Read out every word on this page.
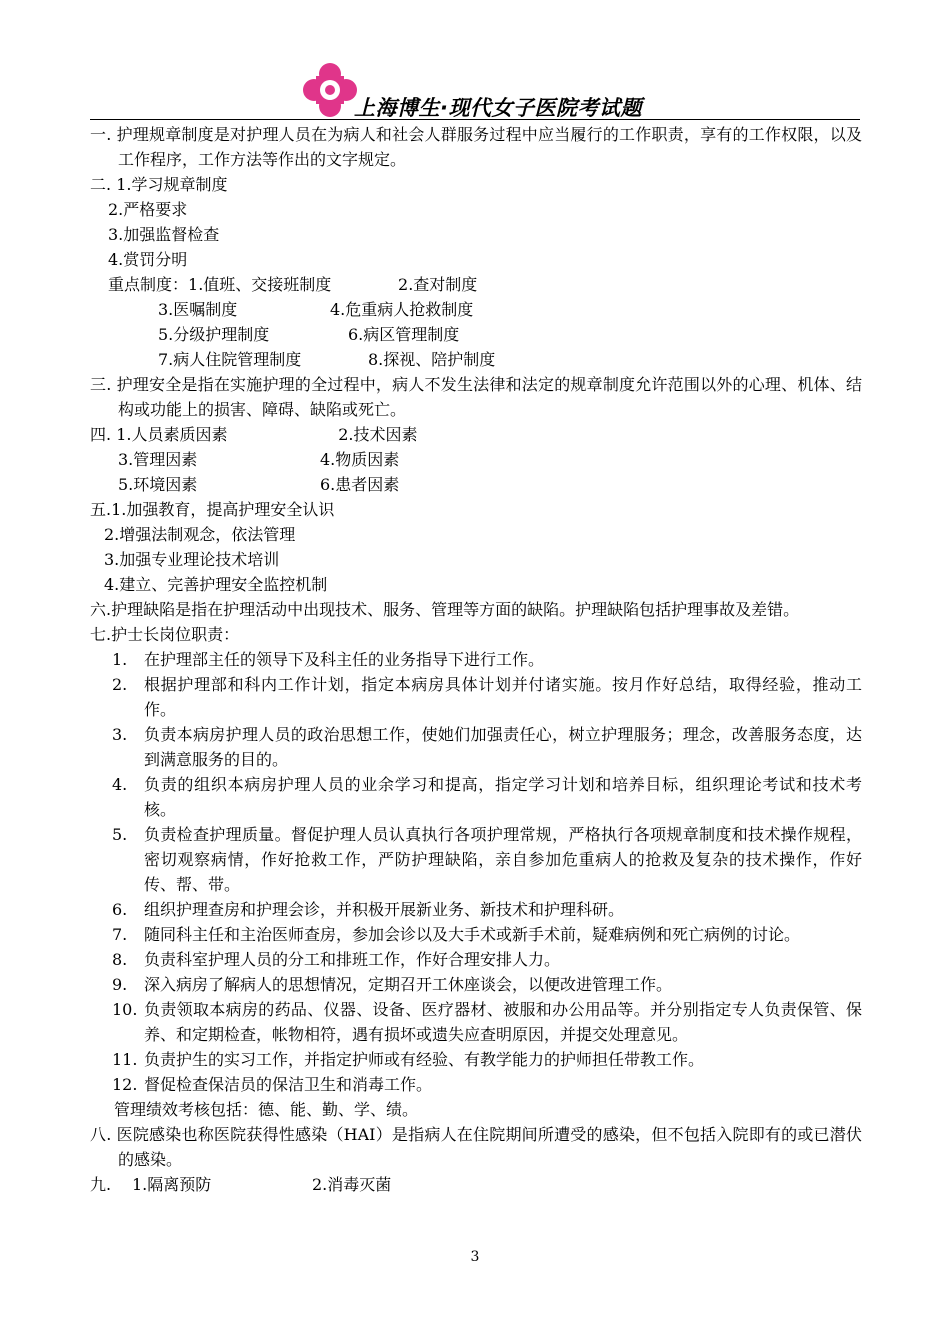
上海博生·现代女子医院考试题
一. 护理规章制度是对护理人员在为病人和社会人群服务过程中应当履行的工作职责，享有的工作权限，以及工作程序，工作方法等作出的文字规定。
二. 1.学习规章制度
2.严格要求
3.加强监督检查
4.赏罚分明
重点制度：1.值班、交接班制度	2.查对制度
3.医嘱制度	4.危重病人抢救制度
5.分级护理制度	6.病区管理制度
7.病人住院管理制度	8.探视、陪护制度
三. 护理安全是指在实施护理的全过程中，病人不发生法律和法定的规章制度允许范围以外的心理、机体、结构或功能上的损害、障碍、缺陷或死亡。
四. 1.人员素质因素	2.技术因素
3.管理因素	4.物质因素
5.环境因素	6.患者因素
五.1.加强教育，提高护理安全认识
2.增强法制观念，依法管理
3.加强专业理论技术培训
4.建立、完善护理安全监控机制
六.护理缺陷是指在护理活动中出现技术、服务、管理等方面的缺陷。护理缺陷包括护理事故及差错。
七.护士长岗位职责：
1. 在护理部主任的领导下及科主任的业务指导下进行工作。
2. 根据护理部和科内工作计划，指定本病房具体计划并付诸实施。按月作好总结，取得经验，推动工作。
3. 负责本病房护理人员的政治思想工作，使她们加强责任心，树立护理服务；理念，改善服务态度，达到满意服务的目的。
4. 负责的组织本病房护理人员的业余学习和提高，指定学习计划和培养目标，组织理论考试和技术考核。
5. 负责检查护理质量。督促护理人员认真执行各项护理常规，严格执行各项规章制度和技术操作规程，密切观察病情，作好抢救工作，严防护理缺陷，亲自参加危重病人的抢救及复杂的技术操作，作好传、帮、带。
6. 组织护理查房和护理会诊，并积极开展新业务、新技术和护理科研。
7. 随同科主任和主治医师查房，参加会诊以及大手术或新手术前，疑难病例和死亡病例的讨论。
8. 负责科室护理人员的分工和排班工作，作好合理安排人力。
9. 深入病房了解病人的思想情况，定期召开工休座谈会，以便改进管理工作。
10. 负责领取本病房的药品、仪器、设备、医疗器材、被服和办公用品等。并分别指定专人负责保管、保养、和定期检查，帐物相符，遇有损坏或遗失应查明原因，并提交处理意见。
11. 负责护生的实习工作，并指定护师或有经验、有教学能力的护师担任带教工作。
12. 督促检查保洁员的保洁卫生和消毒工作。
管理绩效考核包括：德、能、勤、学、绩。
八. 医院感染也称医院获得性感染（HAI）是指病人在住院期间所遭受的感染，但不包括入院即有的或已潜伏的感染。
九. 1.隔离预防	2.消毒灭菌
3
